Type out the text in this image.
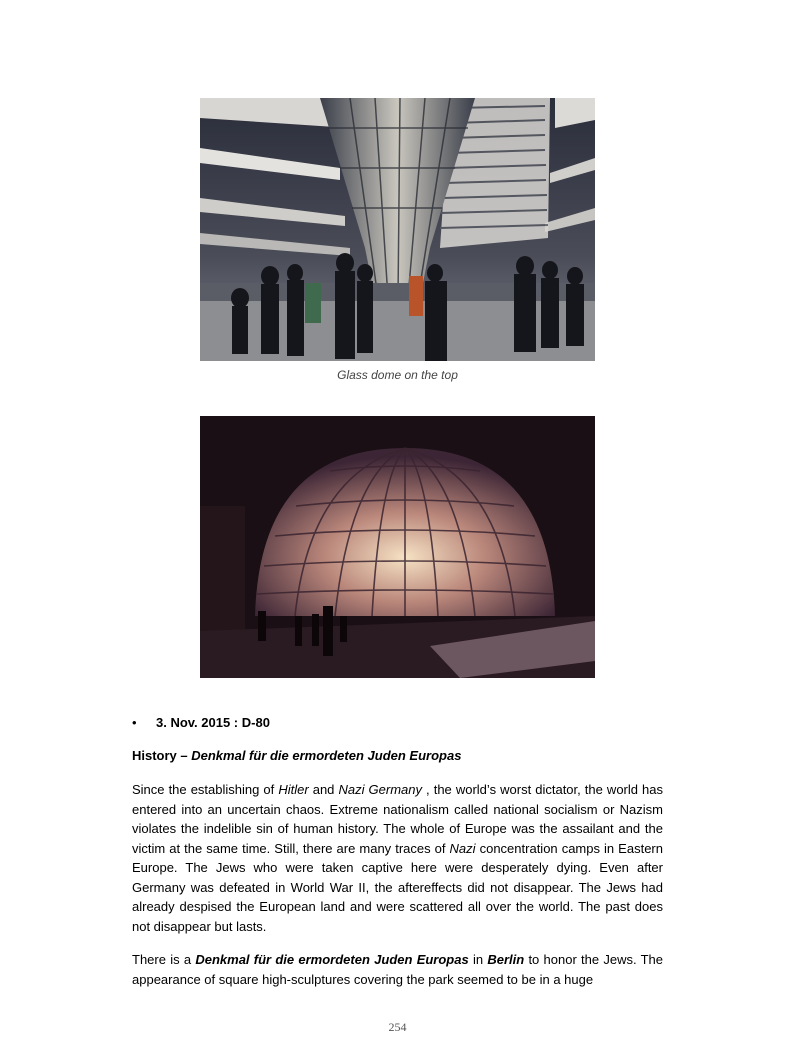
Glass dome on the top
• 3. Nov. 2015 : D-80
History – Denkmal für die ermordeten Juden Europas

Since the establishing of Hitler and Nazi Germany , the world’s worst dictator, the world has entered into an uncertain chaos. Extreme nationalism called national socialism or Nazism violates the indelible sin of human history. The whole of Europe was the assailant and the victim at the same time. Still, there are many traces of Nazi concentration camps in Eastern Europe. The Jews who were taken captive here were desperately dying. Even after Germany was defeated in World War II, the aftereffects did not disappear. The Jews had already despised the European land and were scattered all over the world. The past does not disappear but lasts.

There is a Denkmal für die ermordeten Juden Europas in Berlin to honor the Jews. The appearance of square high-sculptures covering the park seemed to be in a huge

254
